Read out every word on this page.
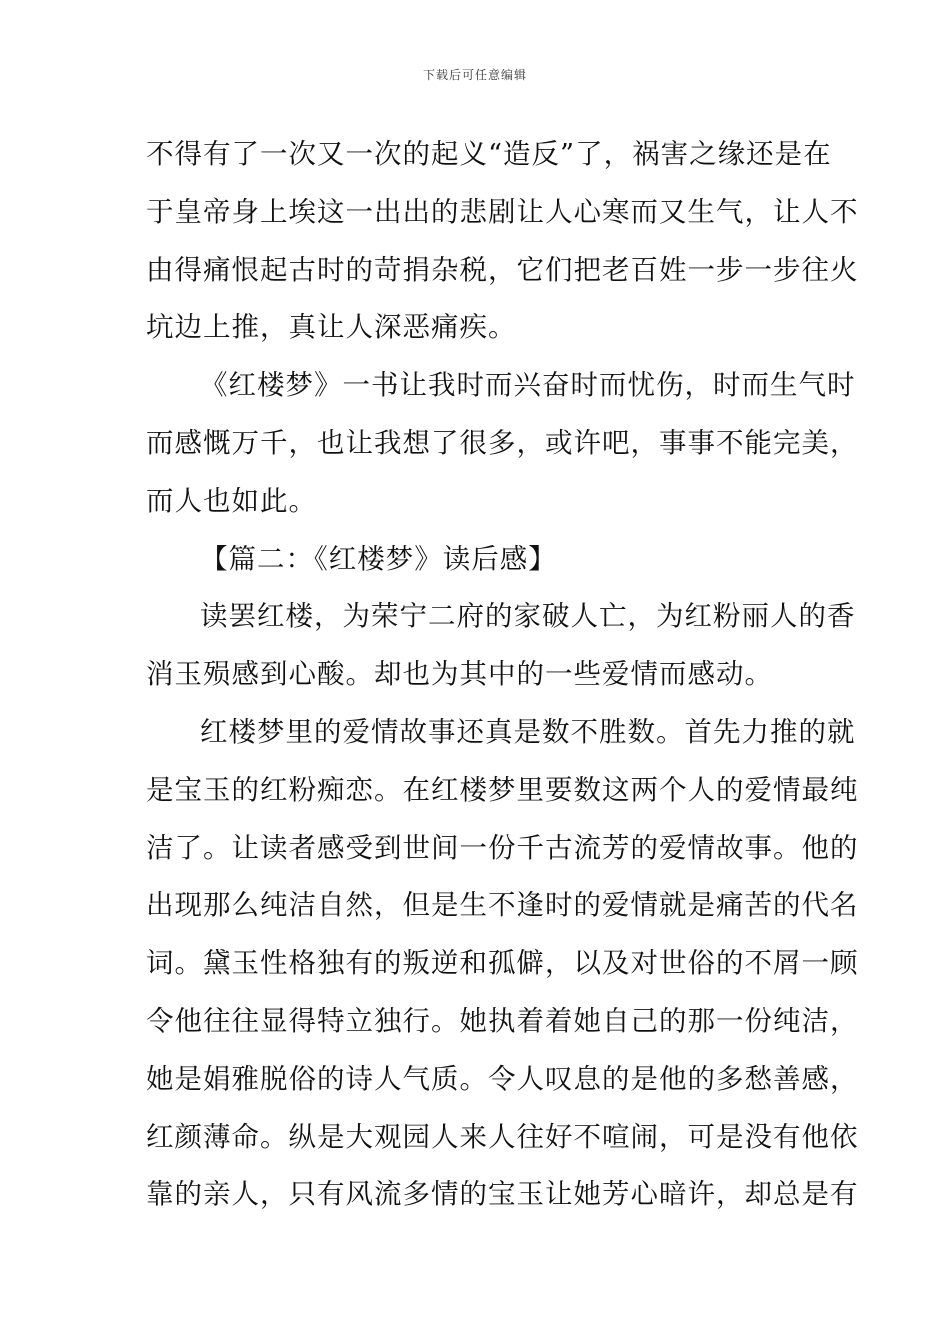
下载后可任意编辑
不得有了一次又一次的起义“造反”了，祸害之缘还是在
于皇帝身上埃这一出出的悲剧让人心寒而又生气，让人不
由得痛恨起古时的苛捐杂税，它们把老百姓一步一步往火
坑边上推，真让人深恶痛疾。
《红楼梦》一书让我时而兴奋时而忧伤，时而生气时
而感慨万千，也让我想了很多，或许吧，事事不能完美，
而人也如此。
【篇二：《红楼梦》读后感】
读罢红楼，为荣宁二府的家破人亡，为红粉丽人的香
消玉殒感到心酸。却也为其中的一些爱情而感动。
红楼梦里的爱情故事还真是数不胜数。首先力推的就
是宝玉的红粉痴恋。在红楼梦里要数这两个人的爱情最纯
洁了。让读者感受到世间一份千古流芳的爱情故事。他的
出现那么纯洁自然，但是生不逢时的爱情就是痛苦的代名
词。黛玉性格独有的叛逆和孤僻，以及对世俗的不屑一顾
令他往往显得特立独行。她执着着她自己的那一份纯洁，
她是娟雅脱俗的诗人气质。令人叹息的是他的多愁善感，
红颜薄命。纵是大观园人来人往好不喧闹，可是没有他依
靠的亲人，只有风流多情的宝玉让她芳心暗许，却总是有
